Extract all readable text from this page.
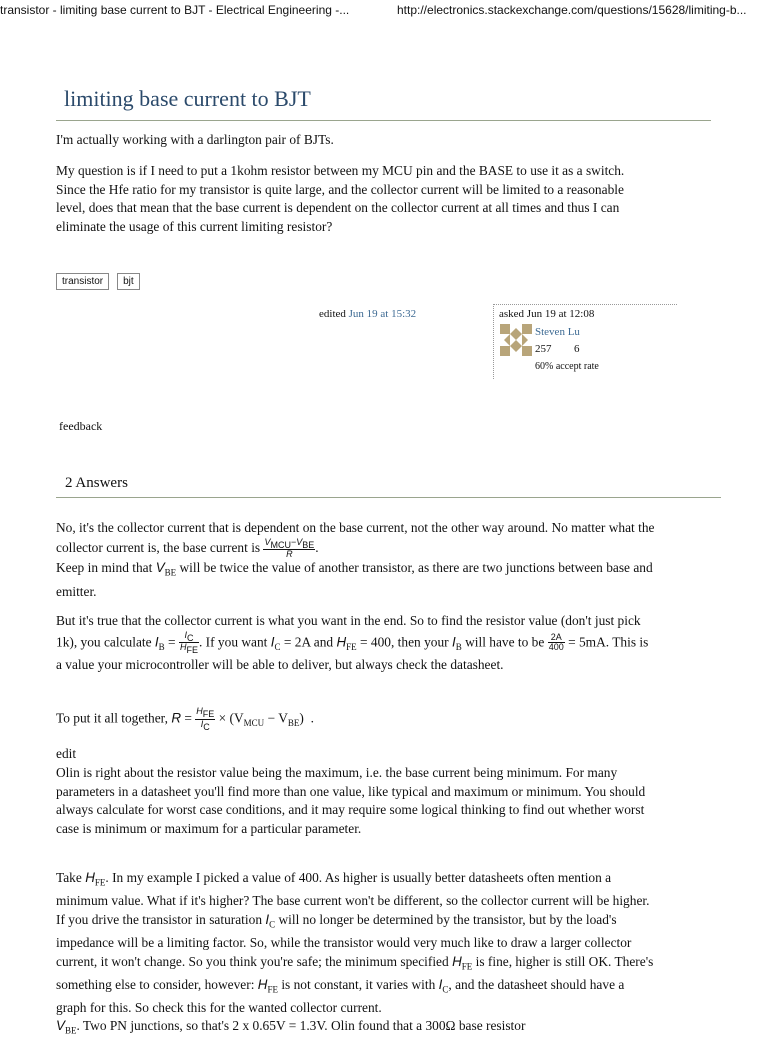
transistor - limiting base current to BJT - Electrical Engineering -...	http://electronics.stackexchange.com/questions/15628/limiting-b...
limiting base current to BJT

I'm actually working with a darlington pair of BJTs.

My question is if I need to put a 1kohm resistor between my MCU pin and the BASE to use it as a switch. Since the Hfe ratio for my transistor is quite large, and the collector current will be limited to a reasonable level, does that mean that the base current is dependent on the collector current at all times and thus I can eliminate the usage of this current limiting resistor?

transistor bjt
edited Jun 19 at 15:32	asked Jun 19 at 12:08
Steven Lu
257 6
60% accept rate
feedback
2 Answers

No, it's the collector current that is dependent on the base current, not the other way around. No matter what the collector current is, the base current is $\frac{V_{MCU}-V_{BE}}{R}$ .
Keep in mind that $V_{BE}$ will be twice the value of another transistor, as there are two junctions between base and emitter.

But it's true that the collector current is what you want in the end. So to find the resistor value (don't just pick 1k), you calculate $I_B = \frac{I_C}{H_{FE}}$ . If you want $I_C = 2A$ and $H_{FE} = 400$, then your $I_B$ will have to be $\frac{2A}{400} = 5mA$. This is a value your microcontroller will be able to deliver, but always check the datasheet.

To put it all together, $R = \frac{H_{FE}}{I_C} \times (V_{MCU} - V_{BE})$ .

edit

Olin is right about the resistor value being the maximum, i.e. the base current being minimum. For many parameters in a datasheet you'll find more than one value, like typical and maximum or minimum. You should always calculate for worst case conditions, and it may require some logical thinking to find out whether worst case is minimum or maximum for a particular parameter.

Take $H_{FE}$. In my example I picked a value of 400. As higher is usually better datasheets often mention a minimum value. What if it's higher? The base current won't be different, so the collector current will be higher. If you drive the transistor in saturation $I_C$ will no longer be determined by the transistor, but by the load's impedance will be a limiting factor. So, while the transistor would very much like to draw a larger collector current, it won't change. So you think you're safe; the minimum specified $H_{FE}$ is fine, higher is still OK. There's something else to consider, however: $H_{FE}$ is not constant, it varies with $I_C$, and the datasheet should have a graph for this. So check this for the wanted collector current.

$V_{BE}$. Two PN junctions, so that's 2 x 0.65V = 1.3V. Olin found that a 300Ω base resistor
